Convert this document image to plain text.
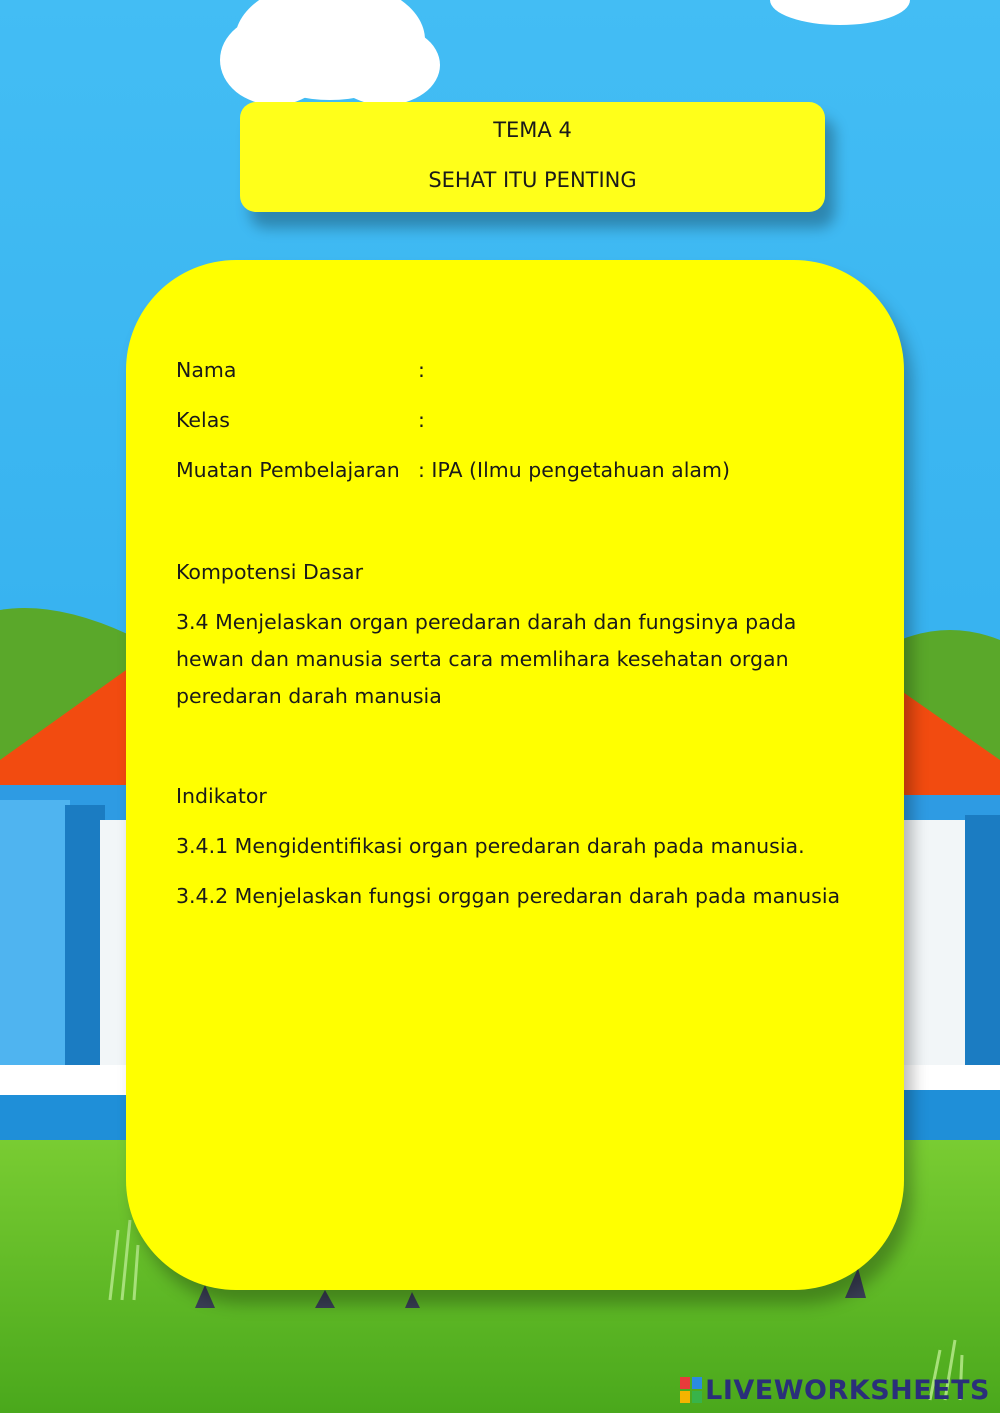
TEMA 4
SEHAT ITU PENTING
Nama	:
Kelas	:
Muatan Pembelajaran : IPA (Ilmu pengetahuan alam)
Kompotensi Dasar
3.4 Menjelaskan organ peredaran darah dan fungsinya pada hewan dan manusia serta cara memlihara kesehatan organ peredaran darah manusia
Indikator
3.4.1 Mengidentifikasi organ peredaran darah pada manusia.
3.4.2 Menjelaskan fungsi orggan peredaran darah pada manusia
LIVEWORKSHEETS
